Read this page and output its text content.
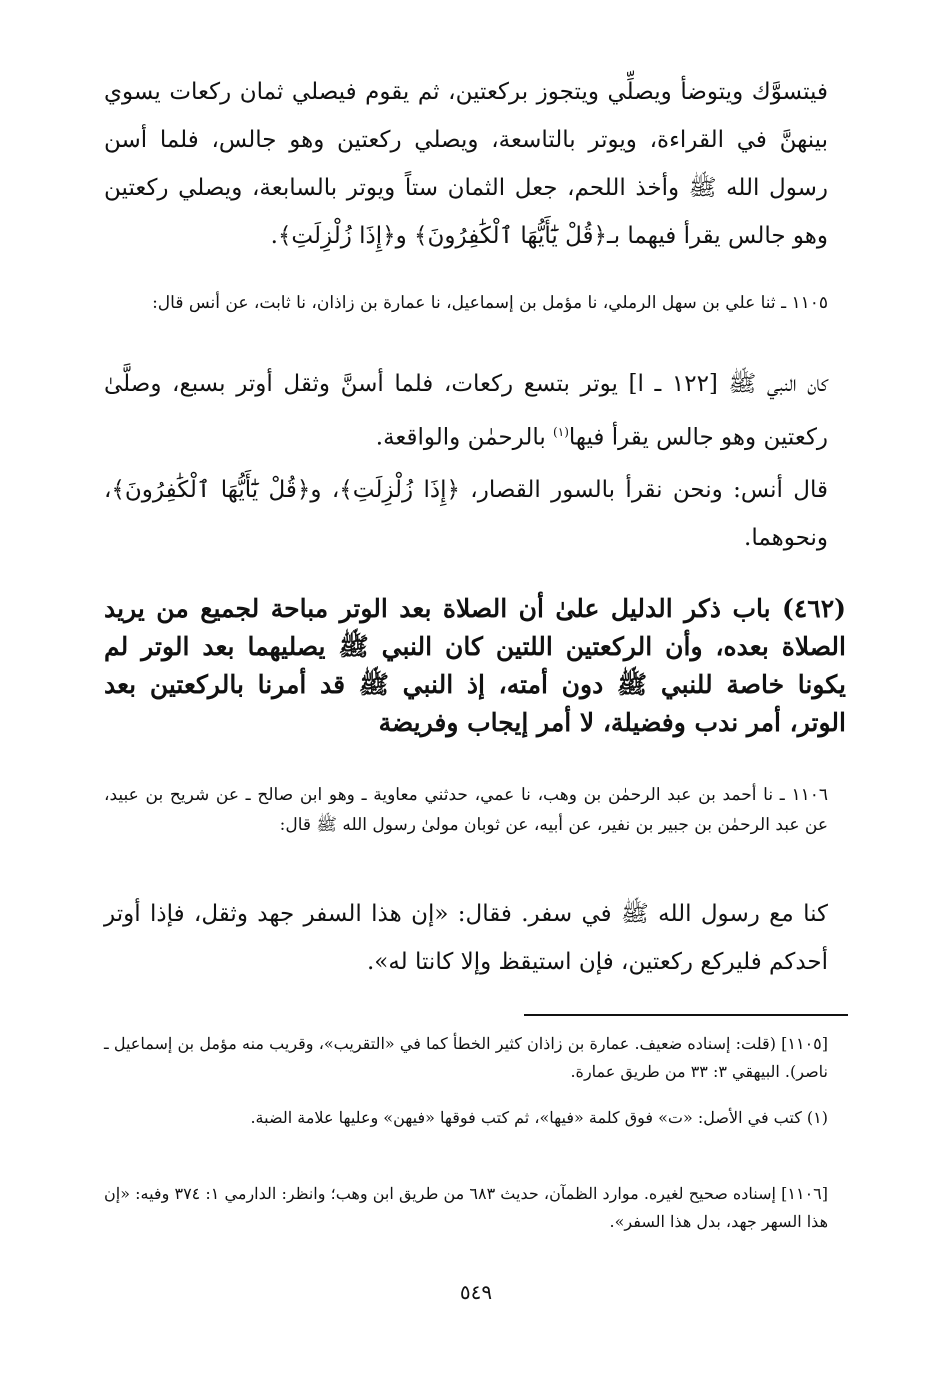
فيتسوَّك ويتوضأ ويصلِّي ويتجوز بركعتين، ثم يقوم فيصلي ثمان ركعات يسوي بينهنَّ في القراءة، ويوتر بالتاسعة، ويصلي ركعتين وهو جالس، فلما أسن رسول الله ﷺ وأخذ اللحم، جعل الثمان ستاً ويوتر بالسابعة، ويصلي ركعتين وهو جالس يقرأ فيهما بـ﴿قُلْ يَٰٓأَيُّهَا ٱلْكَٰفِرُونَ﴾ و﴿إِذَا زُلْزِلَتِ﴾.

١١٠٥ ـ ثنا علي بن سهل الرملي، نا مؤمل بن إسماعيل، نا عمارة بن زاذان، نا ثابت، عن أنس قال:

كان النبي ﷺ [١٢٢ ـ ا] يوتر بتسع ركعات، فلما أسنَّ وثقل أوتر بسبع، وصلَّىٰ ركعتين وهو جالس يقرأ فيها$^{(١)}$ بالرحمٰن والواقعة.

قال أنس: ونحن نقرأ بالسور القصار، ﴿إِذَا زُلْزِلَتِ﴾، و﴿قُلْ يَٰٓأَيُّهَا ٱلْكَٰفِرُونَ﴾، ونحوهما.

(٤٦٢) باب ذكر الدليل علىٰ أن الصلاة بعد الوتر مباحة لجميع من يريد الصلاة بعده، وأن الركعتين اللتين كان النبي ﷺ يصليهما بعد الوتر لم يكونا خاصة للنبي ﷺ دون أمته، إذ النبي ﷺ قد أمرنا بالركعتين بعد الوتر، أمر ندب وفضيلة، لا أمر إيجاب وفريضة

١١٠٦ ـ نا أحمد بن عبد الرحمٰن بن وهب، نا عمي، حدثني معاوية ـ وهو ابن صالح ـ عن شريح بن عبيد، عن عبد الرحمٰن بن جبير بن نفير، عن أبيه، عن ثوبان مولىٰ رسول الله ﷺ قال:

كنا مع رسول الله ﷺ في سفر. فقال: «إن هذا السفر جهد وثقل، فإذا أوتر أحدكم فليركع ركعتين، فإن استيقظ وإلا كانتا له».

[١١٠٥] (قلت: إسناده ضعيف. عمارة بن زاذان كثير الخطأ كما في «التقريب»، وقريب منه مؤمل بن إسماعيل ـ ناصر). البيهقي ٣: ٣٣ من طريق عمارة.

(١) كتب في الأصل: «ت» فوق كلمة «فيها»، ثم كتب فوقها «فيهن» وعليها علامة الضبة.

[١١٠٦] إسناده صحيح لغيره. موارد الظمآن، حديث ٦٨٣ من طريق ابن وهب؛ وانظر: الدارمي ١: ٣٧٤ وفيه: «إن هذا السهر جهد، بدل هذا السفر».

٥٤٩
